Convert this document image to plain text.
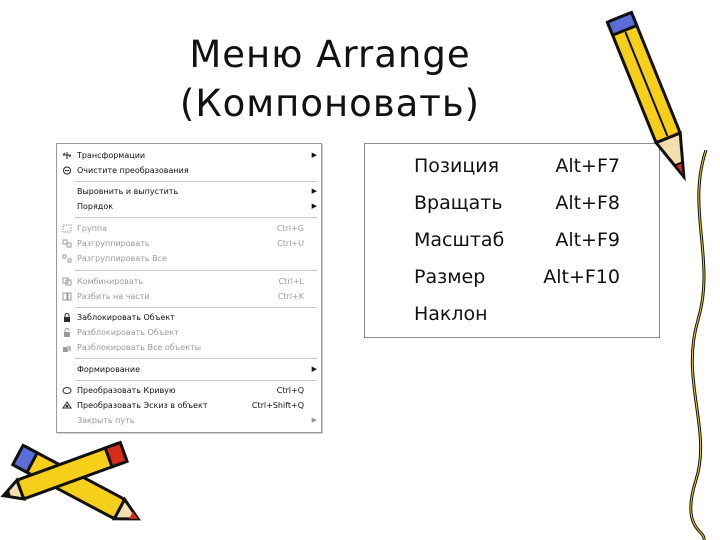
Меню Arrange
(Компоновать)
Трансформации	▶
Очистите преобразования
Выровнить и выпустить	▶
Порядок	▶
Группа	Ctrl+G
Разгруппировать	Ctrl+U
Разгруппировать Все
Комбинировать	Ctrl+L
Разбить на части	Ctrl+K
Заблокировать Объект
Разблокировать Объект
Разблокировать Все объекты
Формирование	▶
Преобразовать Кривую	Ctrl+Q
Преобразовать Эскиз в объект	Ctrl+Shift+Q
Закрыть путь	▶
Позиция	Alt+F7
Вращать	Alt+F8
Масштаб	Alt+F9
Размер	Alt+F10
Наклон
